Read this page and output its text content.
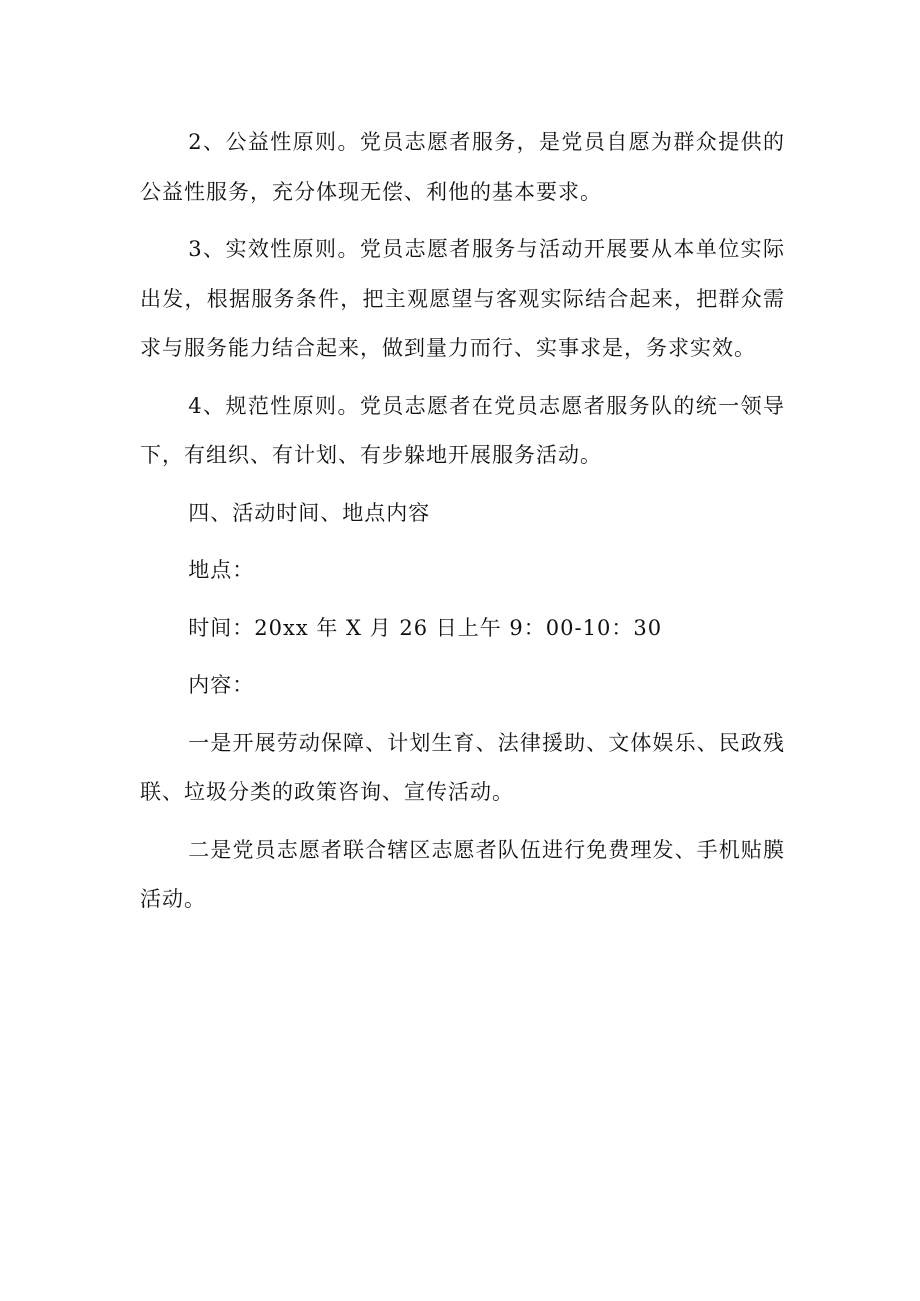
2、公益性原则。党员志愿者服务，是党员自愿为群众提供的公益性服务，充分体现无偿、利他的基本要求。

3、实效性原则。党员志愿者服务与活动开展要从本单位实际出发，根据服务条件，把主观愿望与客观实际结合起来，把群众需求与服务能力结合起来，做到量力而行、实事求是，务求实效。

4、规范性原则。党员志愿者在党员志愿者服务队的统一领导下，有组织、有计划、有步躲地开展服务活动。

四、活动时间、地点内容

地点：

时间：20xx 年 X 月 26 日上午 9：00-10：30

内容：

一是开展劳动保障、计划生育、法律援助、文体娱乐、民政残联、垃圾分类的政策咨询、宣传活动。

二是党员志愿者联合辖区志愿者队伍进行免费理发、手机贴膜活动。
